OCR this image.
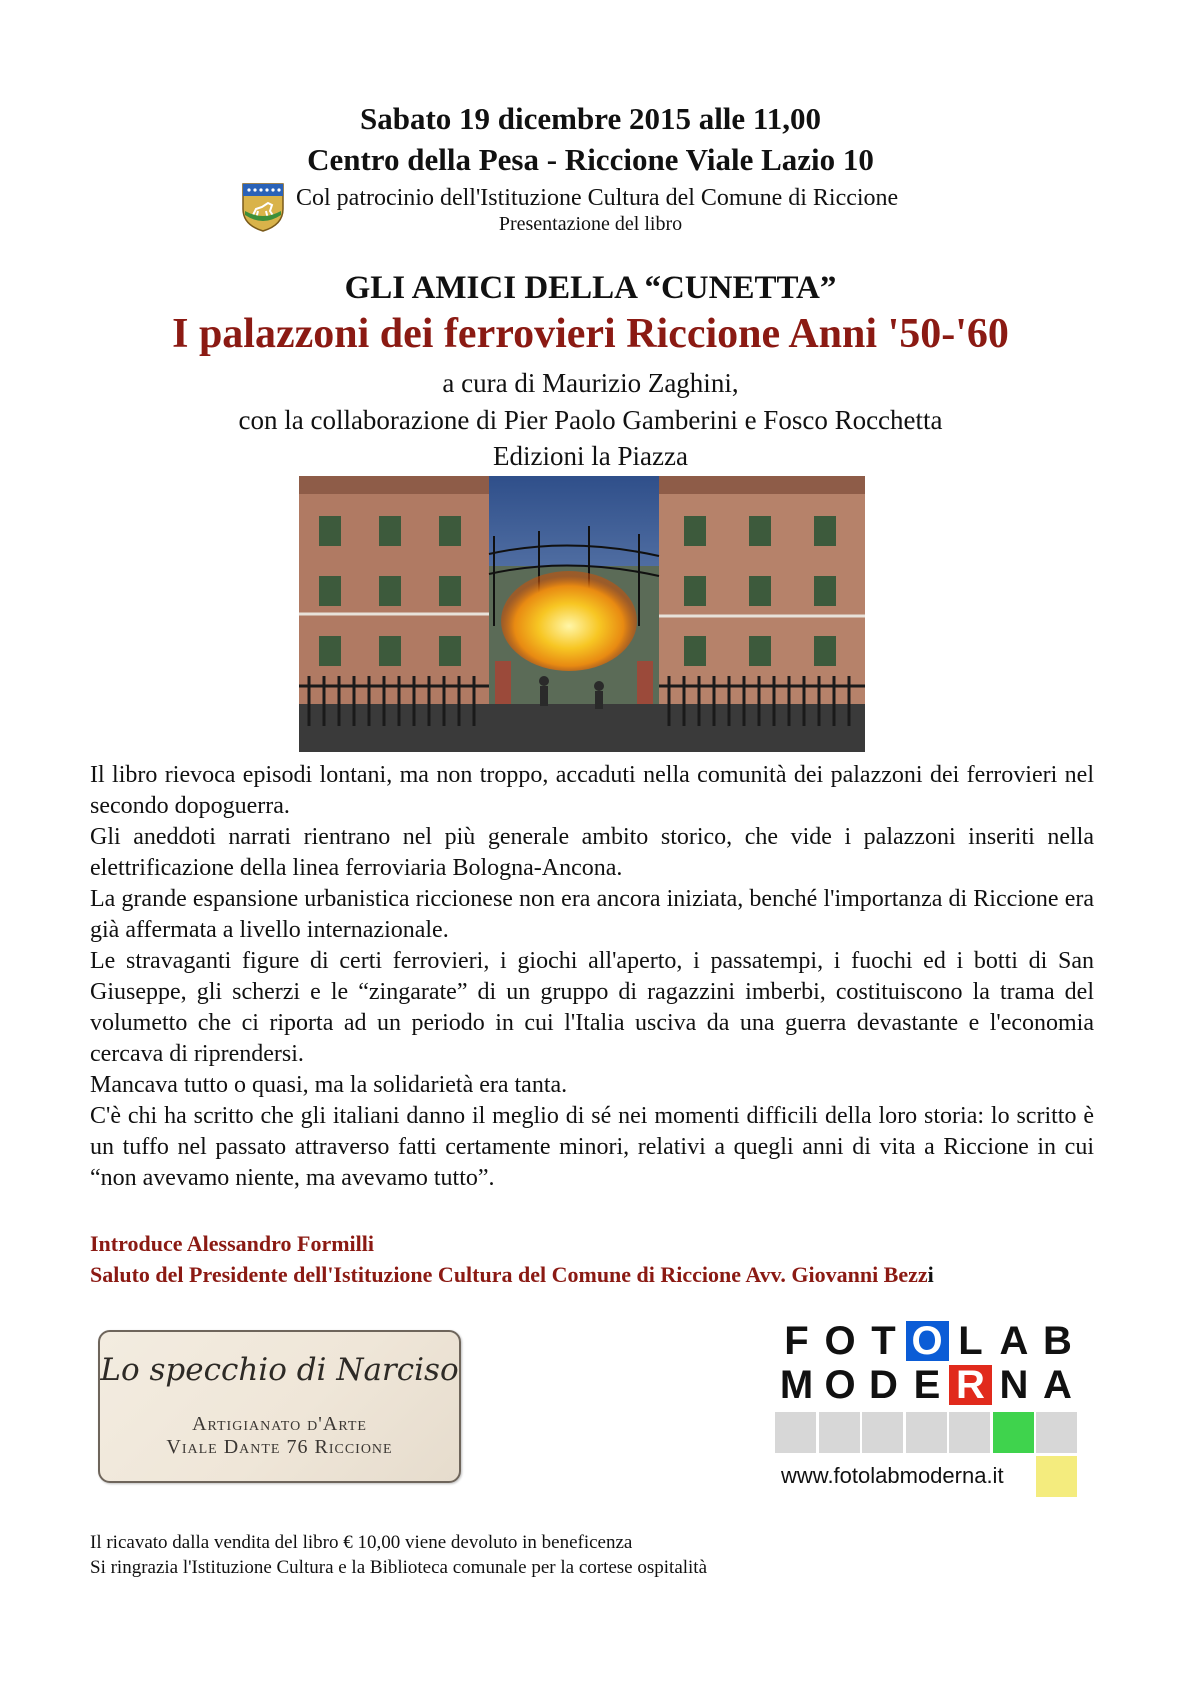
Sabato 19 dicembre 2015 alle 11,00
Centro della Pesa - Riccione Viale Lazio 10
Col patrocinio dell'Istituzione Cultura del Comune di Riccione
Presentazione del libro
GLI AMICI DELLA “CUNETTA”
I palazzoni dei ferrovieri Riccione Anni '50-'60
a cura di Maurizio Zaghini,
con la collaborazione di Pier Paolo Gamberini e Fosco Rocchetta
Edizioni la Piazza

Il libro rievoca episodi lontani, ma non troppo, accaduti nella comunità dei palazzoni dei ferrovieri nel secondo dopoguerra.

Gli aneddoti narrati rientrano nel più generale ambito storico, che vide i palazzoni inseriti nella elettrificazione della linea ferroviaria Bologna-Ancona.

La grande espansione urbanistica riccionese non era ancora iniziata, benché l'importanza di Riccione era già affermata a livello internazionale.

Le stravaganti figure di certi ferrovieri, i giochi all'aperto, i passatempi, i fuochi ed i botti di San Giuseppe, gli scherzi e le “zingarate” di un gruppo di ragazzini imberbi, costituiscono la trama del volumetto che ci riporta ad un periodo in cui l'Italia usciva da una guerra devastante e l'economia cercava di riprendersi.

Mancava tutto o quasi, ma la solidarietà era tanta.

C'è chi ha scritto che gli italiani danno il meglio di sé nei momenti difficili della loro storia: lo scritto è un tuffo nel passato attraverso fatti certamente minori, relativi a quegli anni di vita a Riccione in cui “non avevamo niente, ma avevamo tutto”.

Introduce Alessandro Formilli
Saluto del Presidente dell'Istituzione Cultura del Comune di Riccione Avv. Giovanni Bezzi
Lo specchio di Narciso
Artigianato d'Arte
Viale Dante 76 Riccione
F O T O L A B
M O D E R N A
www.fotolabmoderna.it
Il ricavato dalla vendita del libro € 10,00 viene devoluto in beneficenza
Si ringrazia l'Istituzione Cultura e la Biblioteca comunale per la cortese ospitalità
